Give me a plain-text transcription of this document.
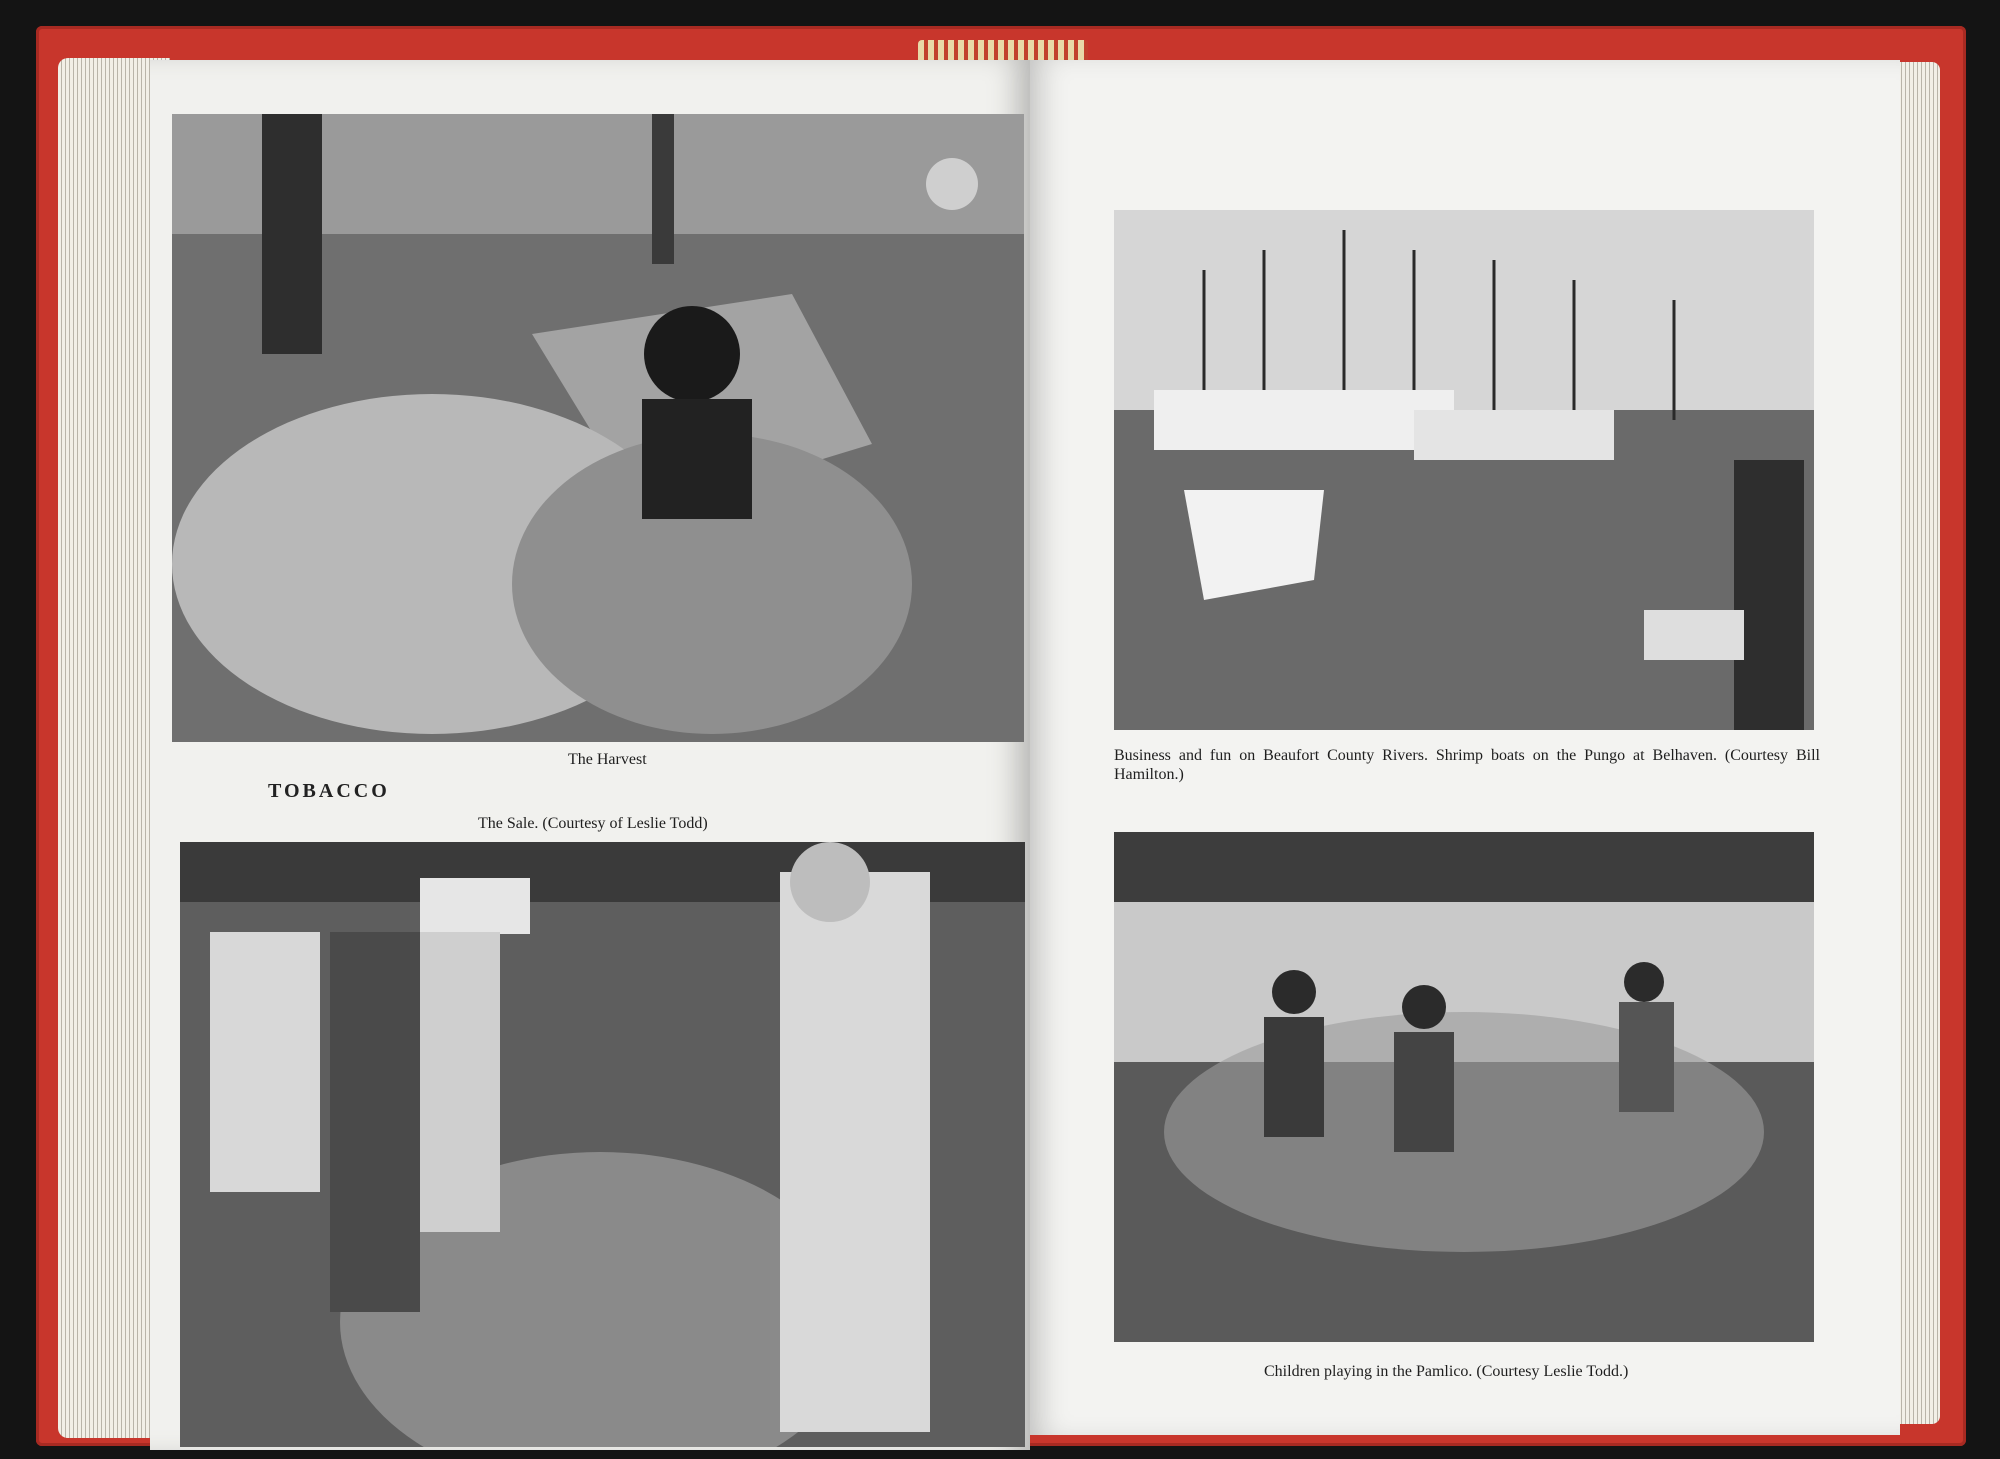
The Harvest
TOBACCO
The Sale. (Courtesy of Leslie Todd)
Business and fun on Beaufort County Rivers. Shrimp boats on the Pungo at Belhaven. (Courtesy Bill Hamilton.)
Children playing in the Pamlico. (Courtesy Leslie Todd.)
